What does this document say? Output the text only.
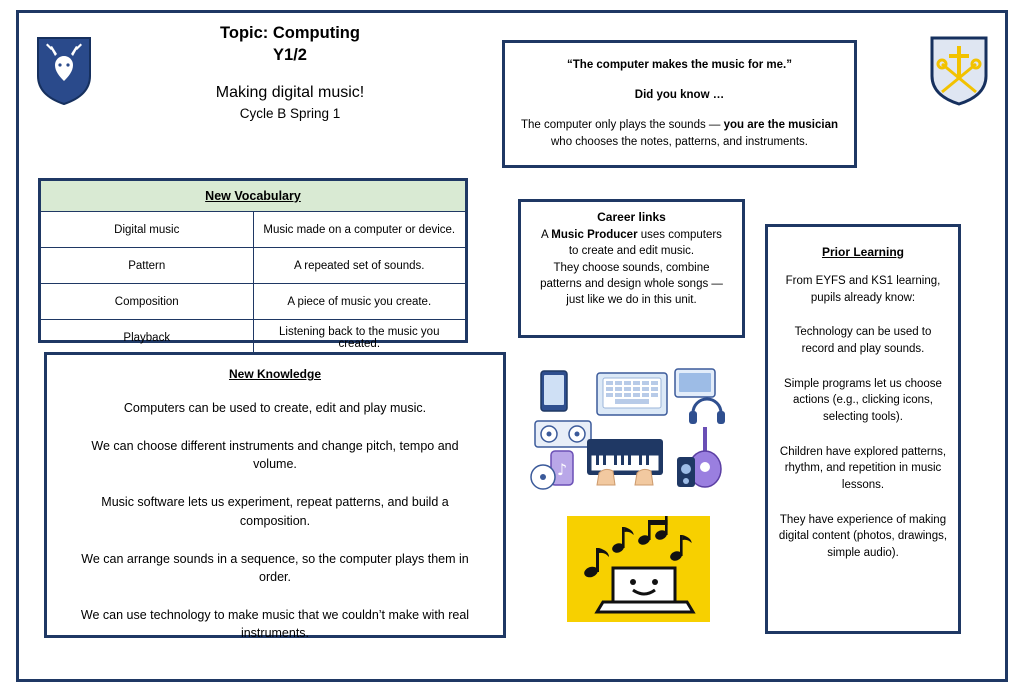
Topic: Computing
Y1/2
Making digital music!
Cycle B Spring 1
“The computer makes the music for me.”
Did you know …
The computer only plays the sounds — you are the musician
who chooses the notes, patterns, and instruments.
New Vocabulary	
Digital music	Music made on a computer or device.
Pattern	A repeated set of sounds.
Composition	A piece of music you create.
Playback	Listening back to the music you created.
Career links
A Music Producer uses computers
to create and edit music.
They choose sounds, combine
patterns and design whole songs —
just like we do in this unit.
Prior Learning

From EYFS and KS1 learning, pupils already know:

Technology can be used to record and play sounds.

Simple programs let us choose actions (e.g., clicking icons, selecting tools).

Children have explored patterns, rhythm, and repetition in music lessons.

They have experience of making digital content (photos, drawings, simple audio).

New Knowledge

Computers can be used to create, edit and play music.

We can choose different instruments and change pitch, tempo and volume.

Music software lets us experiment, repeat patterns, and build a composition.

We can arrange sounds in a sequence, so the computer plays them in order.

We can use technology to make music that we couldn’t make with real instruments.

♪
